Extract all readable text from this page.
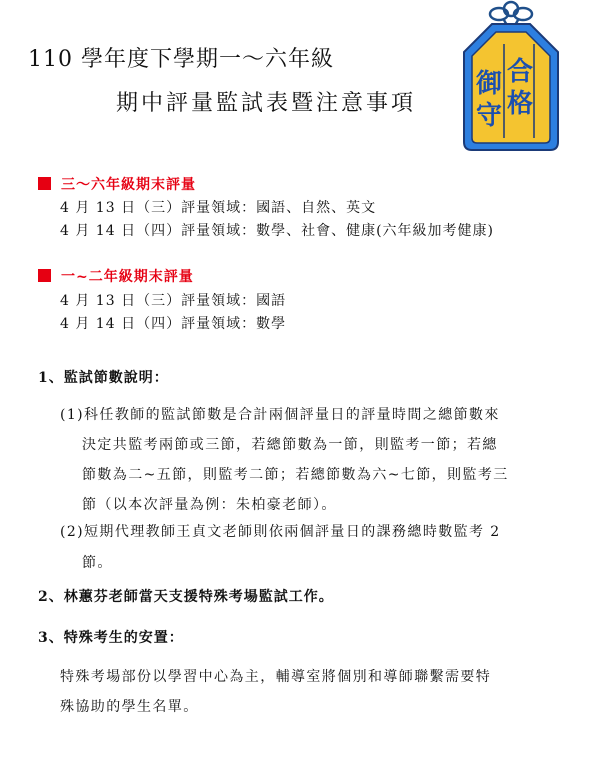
110 學年度下學期一～六年級
期中評量監試表暨注意事項
合
格
御
守
三～六年級期末評量
4 月 13 日（三）評量領域：國語、自然、英文
4 月 14 日（四）評量領域：數學、社會、健康(六年級加考健康)
一~二年級期末評量
4 月 13 日（三）評量領域：國語
4 月 14 日（四）評量領域：數學
1、監試節數說明：
(1)科任教師的監試節數是合計兩個評量日的評量時間之總節數來
決定共監考兩節或三節，若總節數為一節，則監考一節；若總
節數為二~五節，則監考二節；若總節數為六~七節，則監考三
節（以本次評量為例：朱柏豪老師）。
(2)短期代理教師王貞文老師則依兩個評量日的課務總時數監考 2
節。
2、林蕙芬老師當天支援特殊考場監試工作。
3、特殊考生的安置：
特殊考場部份以學習中心為主，輔導室將個別和導師聯繫需要特
殊協助的學生名單。
